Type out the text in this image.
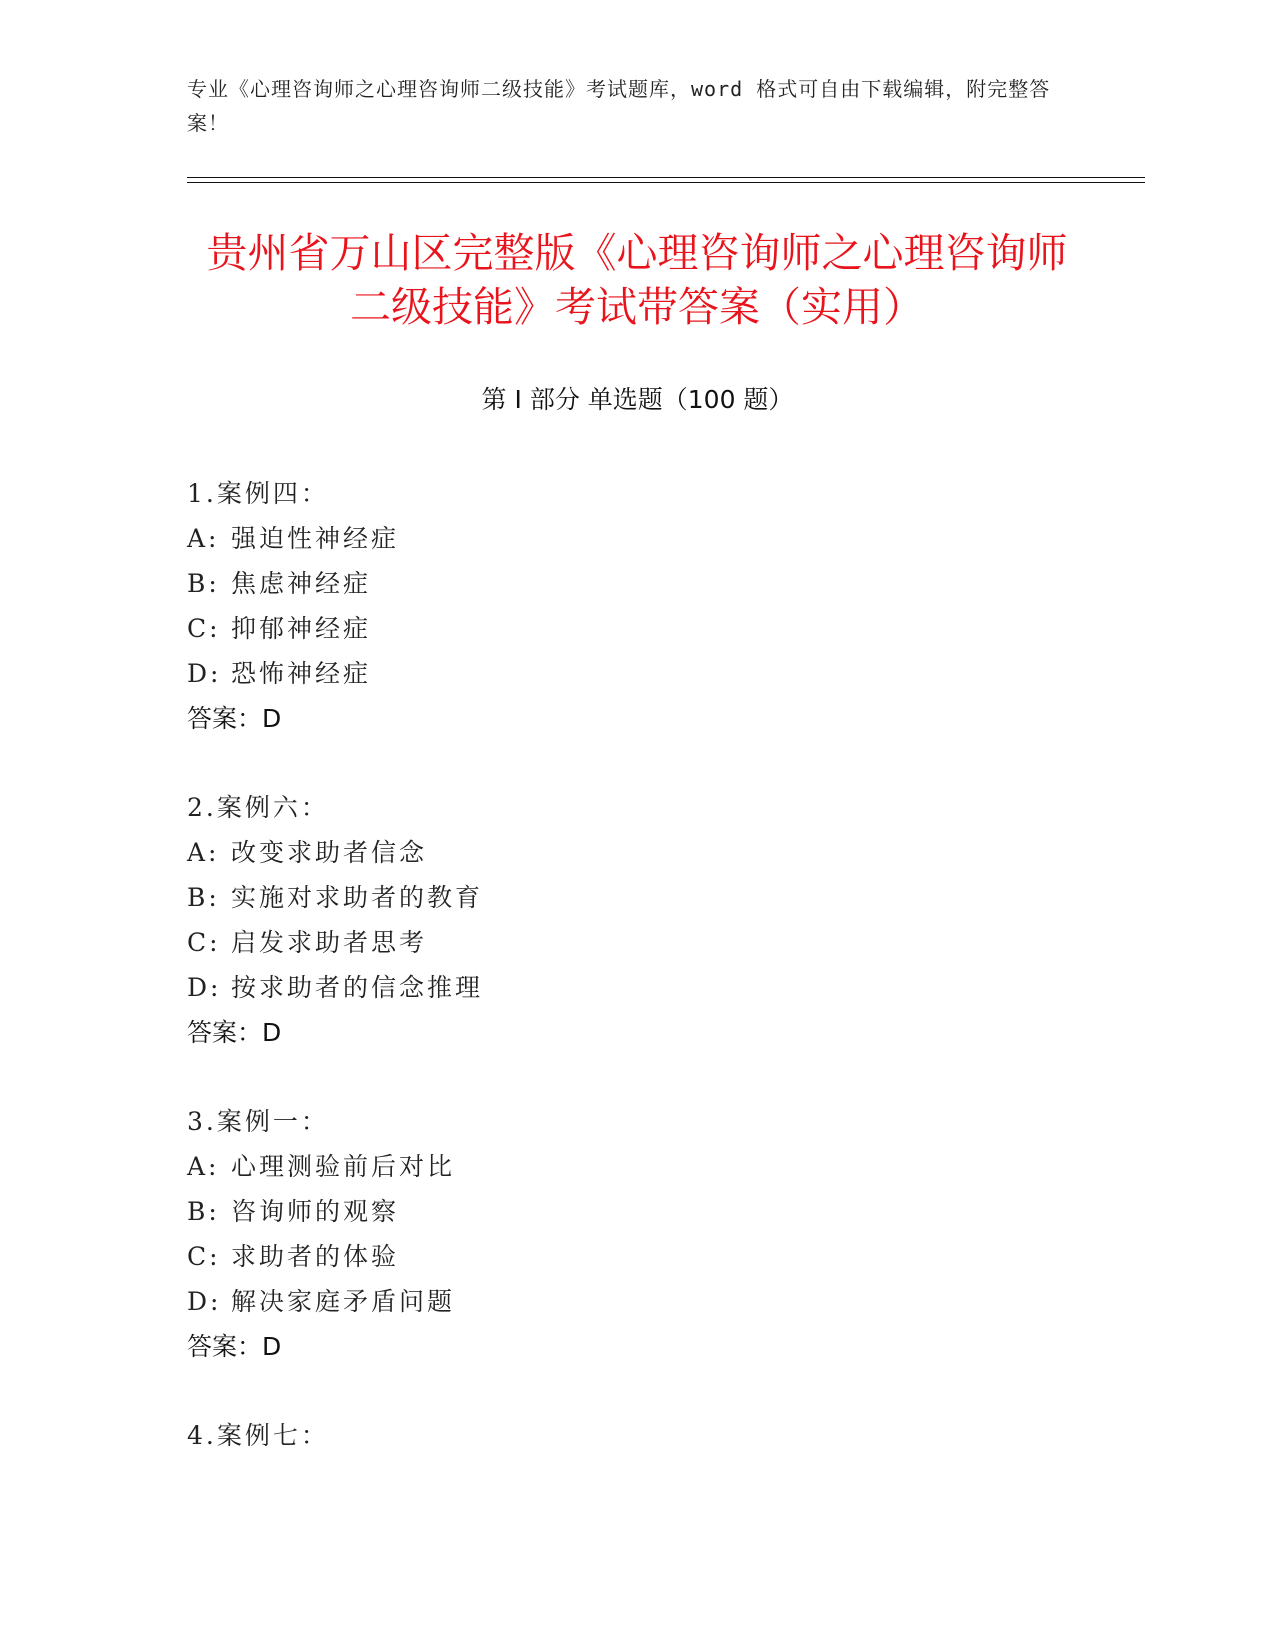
专业《心理咨询师之心理咨询师二级技能》考试题库，word 格式可自由下载编辑，附完整答案！
贵州省万山区完整版《心理咨询师之心理咨询师二级技能》考试带答案（实用）
第 I 部分 单选题（100 题）
1.案例四：
A: 强迫性神经症
B: 焦虑神经症
C: 抑郁神经症
D: 恐怖神经症
答案：D
2.案例六：
A: 改变求助者信念
B: 实施对求助者的教育
C: 启发求助者思考
D: 按求助者的信念推理
答案：D
3.案例一：
A: 心理测验前后对比
B: 咨询师的观察
C: 求助者的体验
D: 解决家庭矛盾问题
答案：D
4.案例七：
